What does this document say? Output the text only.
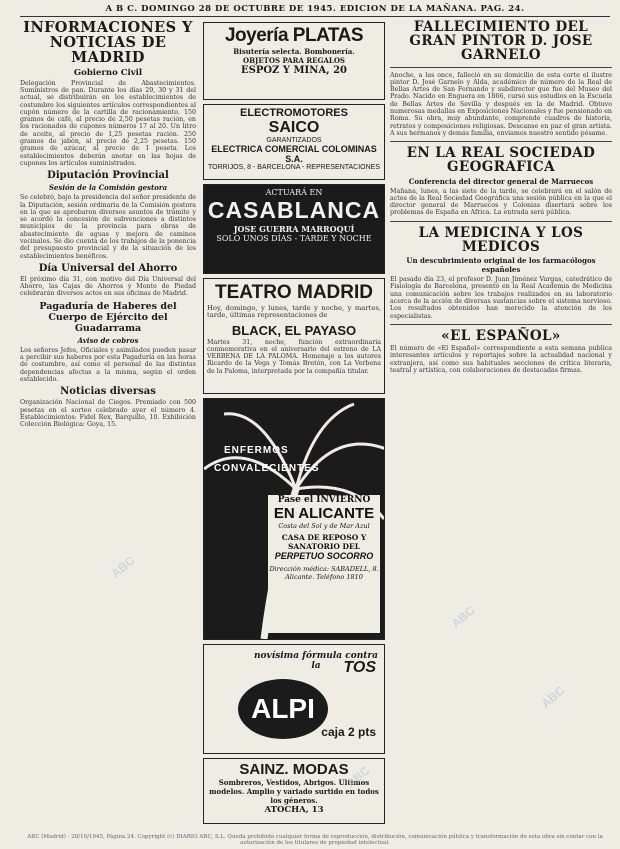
A B C. DOMINGO 28 DE OCTUBRE DE 1945. EDICION DE LA MAÑANA. PAG. 24.
INFORMACIONES Y NOTICIAS DE MADRID
Gobierno Civil
Delegación Provincial de Abastecimientos. Suministros de pan. Durante los días 29, 30 y 31 del actual, se distribuirán en los establecimientos de costumbre los siguientes artículos correspondientes al cupón número de la cartilla de racionamiento. 150 gramos de café, al precio de 2,50 pesetas ración, en los racionados de cupones números 17 al 20. Un litro de aceite, al precio de 1,25 pesetas ración. 250 gramos de jabón, al precio de 2,25 pesetas. 150 gramos de azúcar, al precio de 1 peseta. Los establecimientos deberán anotar en las hojas de cupones los artículos suministrados.
Diputación Provincial
Sesión de la Comisión gestora
Se celebró, bajo la presidencia del señor presidente de la Diputación, sesión ordinaria de la Comisión gestora en la que se aprobaron diversos asuntos de trámite y se acordó la concesión de subvenciones a distintos municipios de la provincia para obras de abastecimiento de aguas y mejora de caminos vecinales. Se dio cuenta de los trabajos de la ponencia del presupuesto provincial y de la situación de los establecimientos benéficos.
Día Universal del Ahorro
El próximo día 31, con motivo del Día Universal del Ahorro, las Cajas de Ahorros y Monte de Piedad celebrarán diversos actos en sus oficinas de Madrid.
Pagaduría de Haberes del Cuerpo de Ejército del Guadarrama
Aviso de cobros
Los señores Jefes, Oficiales y asimilados pueden pasar a percibir sus haberes por esta Pagaduría en las horas de costumbre, así como el personal de las distintas dependencias afectas a la misma, según el orden establecido.
Noticias diversas
Organización Nacional de Ciegos. Premiado con 500 pesetas en el sorteo celebrado ayer el número 4. Establecimientos: Fidel Rex, Barquillo, 10. Exhibición Colección Biológica: Goya, 15.
Joyería PLATAS
Bisutería selecta. Bombonería.
OBJETOS PARA REGALOS
ESPOZ Y MINA, 20
ELECTROMOTORES
SAICO
GARANTIZADOS
ELECTRICA COMERCIAL COLOMINAS S.A.
TORRIJOS, 8 - BARCELONA - REPRESENTACIONES
ACTUARÁ EN
CASABLANCA
JOSE GUERRA MARROQUÍ
SOLO UNOS DÍAS - TARDE Y NOCHE
TEATRO MADRID
Hoy, domingo, y lunes, tarde y noche, y martes, tarde, últimas representaciones de
BLACK, EL PAYASO
Martes 31, noche, función extraordinaria conmemorativa en el aniversario del estreno de LA VERBENA DE LA PALOMA. Homenaje a los autores Ricardo de la Vega y Tomás Bretón, con La Verbena de la Paloma, interpretada por la compañía titular.
ENFERMOS
CONVALECIENTES
Pase el INVIERNO
EN ALICANTE
Costa del Sol y de Mar Azul
CASA DE REPOSO Y SANATORIO DEL
PERPETUO SOCORRO
Dirección médica: SABADELL, 8. Alicante. Teléfono 1810
novísima fórmula contra la	TOS
ALPI
caja 2 pts
SAINZ. MODAS
Sombreros, Vestidos, Abrigos. Ultimos modelos. Amplio y variado surtido en todos los géneros.
ATOCHA, 13
FALLECIMIENTO DEL GRAN PINTOR D. JOSE GARNELO
Anoche, a las once, falleció en su domicilio de esta corte el ilustre pintor D. José Garnelo y Alda, académico de número de la Real de Bellas Artes de San Fernando y subdirector que fue del Museo del Prado. Nacido en Enguera en 1866, cursó sus estudios en la Escuela de Bellas Artes de Sevilla y después en la de Madrid. Obtuvo numerosas medallas en Exposiciones Nacionales y fue pensionado en Roma. Su obra, muy abundante, comprende cuadros de historia, retratos y composiciones religiosas. Descanse en paz el gran artista. A sus hermanos y demás familia, enviamos nuestro sentido pésame.
EN LA REAL SOCIEDAD GEOGRAFICA
Conferencia del director general de Marruecos
Mañana, lunes, a las siete de la tarde, se celebrará en el salón de actos de la Real Sociedad Geográfica una sesión pública en la que el director general de Marruecos y Colonias disertará sobre los problemas de España en Africa. La entrada será pública.
LA MEDICINA Y LOS MEDICOS
Un descubrimiento original de los farmacólogos españoles
El pasado día 23, el profesor D. Juan Jiménez Vargas, catedrático de Fisiología de Barcelona, presentó en la Real Academia de Medicina una comunicación sobre los trabajos realizados en su laboratorio acerca de la acción de diversas sustancias sobre el sistema nervioso. Los resultados obtenidos han merecido la atención de los especialistas.
«EL ESPAÑOL»
El número de «El Español» correspondiente a esta semana publica interesantes artículos y reportajes sobre la actualidad nacional y extranjera, así como sus habituales secciones de crítica literaria, teatral y artística, con colaboraciones de destacadas firmas.
ABC
ABC
ABC
ABC
ABC (Madrid) - 28/10/1945, Página 24. Copyright (c) DIARIO ABC, S.L. Queda prohibida cualquier forma de reproducción, distribución, comunicación pública y transformación de esta obra sin contar con la autorización de los titulares de propiedad intelectual.
